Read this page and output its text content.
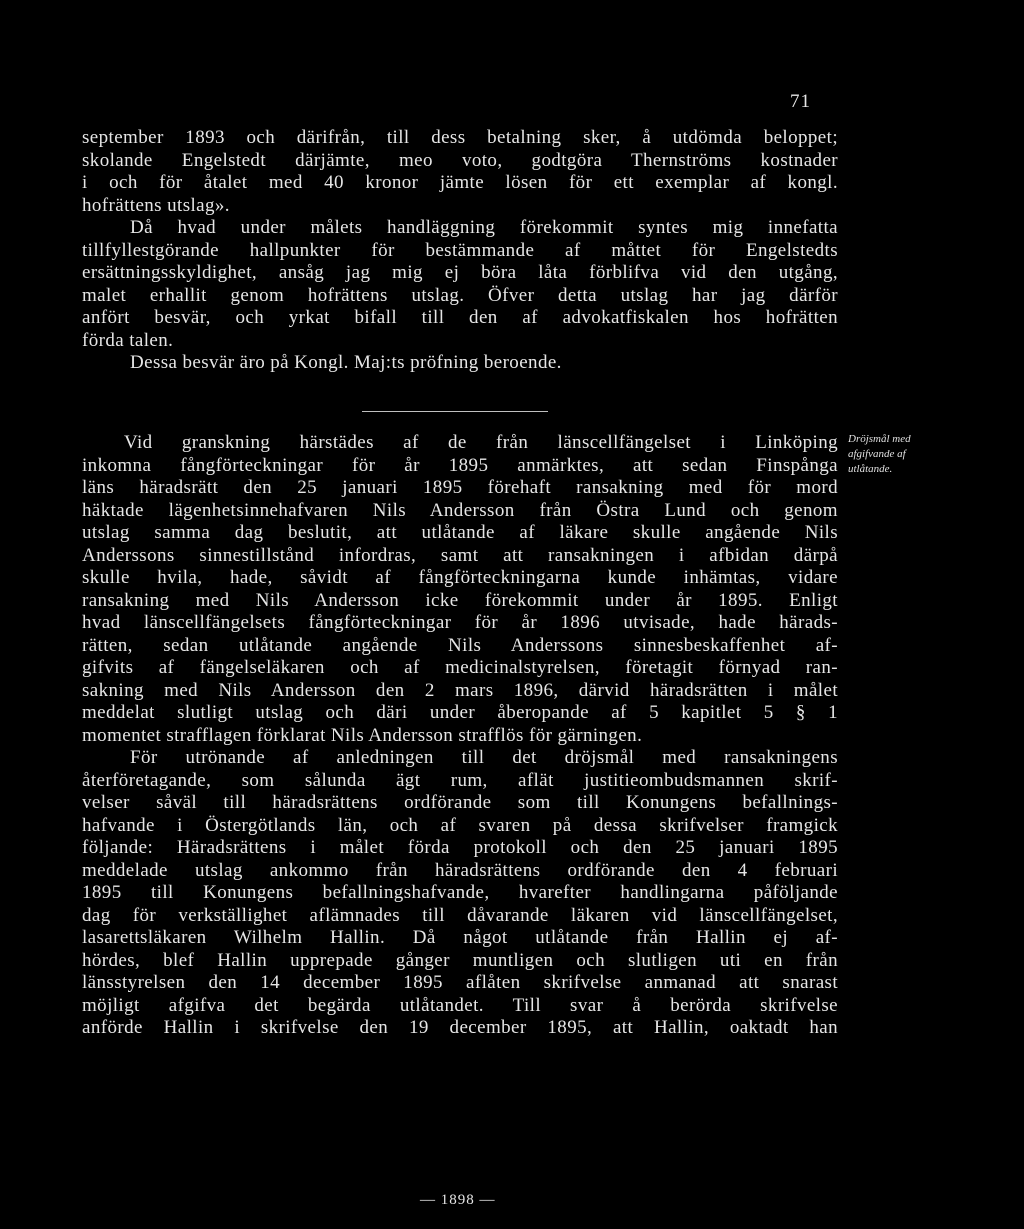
71
september 1893 och därifrån, till dess betalning sker, å utdömda beloppet;
skolande Engelstedt därjämte, meo voto, godtgöra Thernströms kostnader
i och för åtalet med 40 kronor jämte lösen för ett exemplar af kongl.
hofrättens utslag».
Då hvad under målets handläggning förekommit syntes mig innefatta
tillfyllestgörande hallpunkter för bestämmande af måttet för Engelstedts
ersättningsskyldighet, ansåg jag mig ej böra låta förblifva vid den utgång,
malet erhallit genom hofrättens utslag. Öfver detta utslag har jag därför
anfört besvär, och yrkat bifall till den af advokatfiskalen hos hofrätten
förda talen.
Dessa besvär äro på Kongl. Maj:ts pröfning beroende.
Dröjsmål med
afgifvande af
utlåtande.
Vid granskning härstädes af de från länscellfängelset i Linköping
inkomna fångförteckningar för år 1895 anmärktes, att sedan Finspånga
läns häradsrätt den 25 januari 1895 förehaft ransakning med för mord
häktade lägenhetsinnehafvaren Nils Andersson från Östra Lund och genom
utslag samma dag beslutit, att utlåtande af läkare skulle angående Nils
Anderssons sinnestillstånd infordras, samt att ransakningen i afbidan därpå
skulle hvila, hade, såvidt af fångförteckningarna kunde inhämtas, vidare
ransakning med Nils Andersson icke förekommit under år 1895. Enligt
hvad länscellfängelsets fångförteckningar för år 1896 utvisade, hade härads-
rätten, sedan utlåtande angående Nils Anderssons sinnesbeskaffenhet af-
gifvits af fängelseläkaren och af medicinalstyrelsen, företagit förnyad ran-
sakning med Nils Andersson den 2 mars 1896, därvid häradsrätten i målet
meddelat slutligt utslag och däri under åberopande af 5 kapitlet 5 § 1
momentet strafflagen förklarat Nils Andersson strafflös för gärningen.
För utrönande af anledningen till det dröjsmål med ransakningens
återföretagande, som sålunda ägt rum, aflät justitieombudsmannen skrif-
velser såväl till häradsrättens ordförande som till Konungens befallnings-
hafvande i Östergötlands län, och af svaren på dessa skrifvelser framgick
följande: Häradsrättens i målet förda protokoll och den 25 januari 1895
meddelade utslag ankommo från häradsrättens ordförande den 4 februari
1895 till Konungens befallningshafvande, hvarefter handlingarna påföljande
dag för verkställighet aflämnades till dåvarande läkaren vid länscellfängelset,
lasarettsläkaren Wilhelm Hallin. Då något utlåtande från Hallin ej af-
hördes, blef Hallin upprepade gånger muntligen och slutligen uti en från
länsstyrelsen den 14 december 1895 aflåten skrifvelse anmanad att snarast
möjligt afgifva det begärda utlåtandet. Till svar å berörda skrifvelse
anförde Hallin i skrifvelse den 19 december 1895, att Hallin, oaktadt han
— 1898 —
